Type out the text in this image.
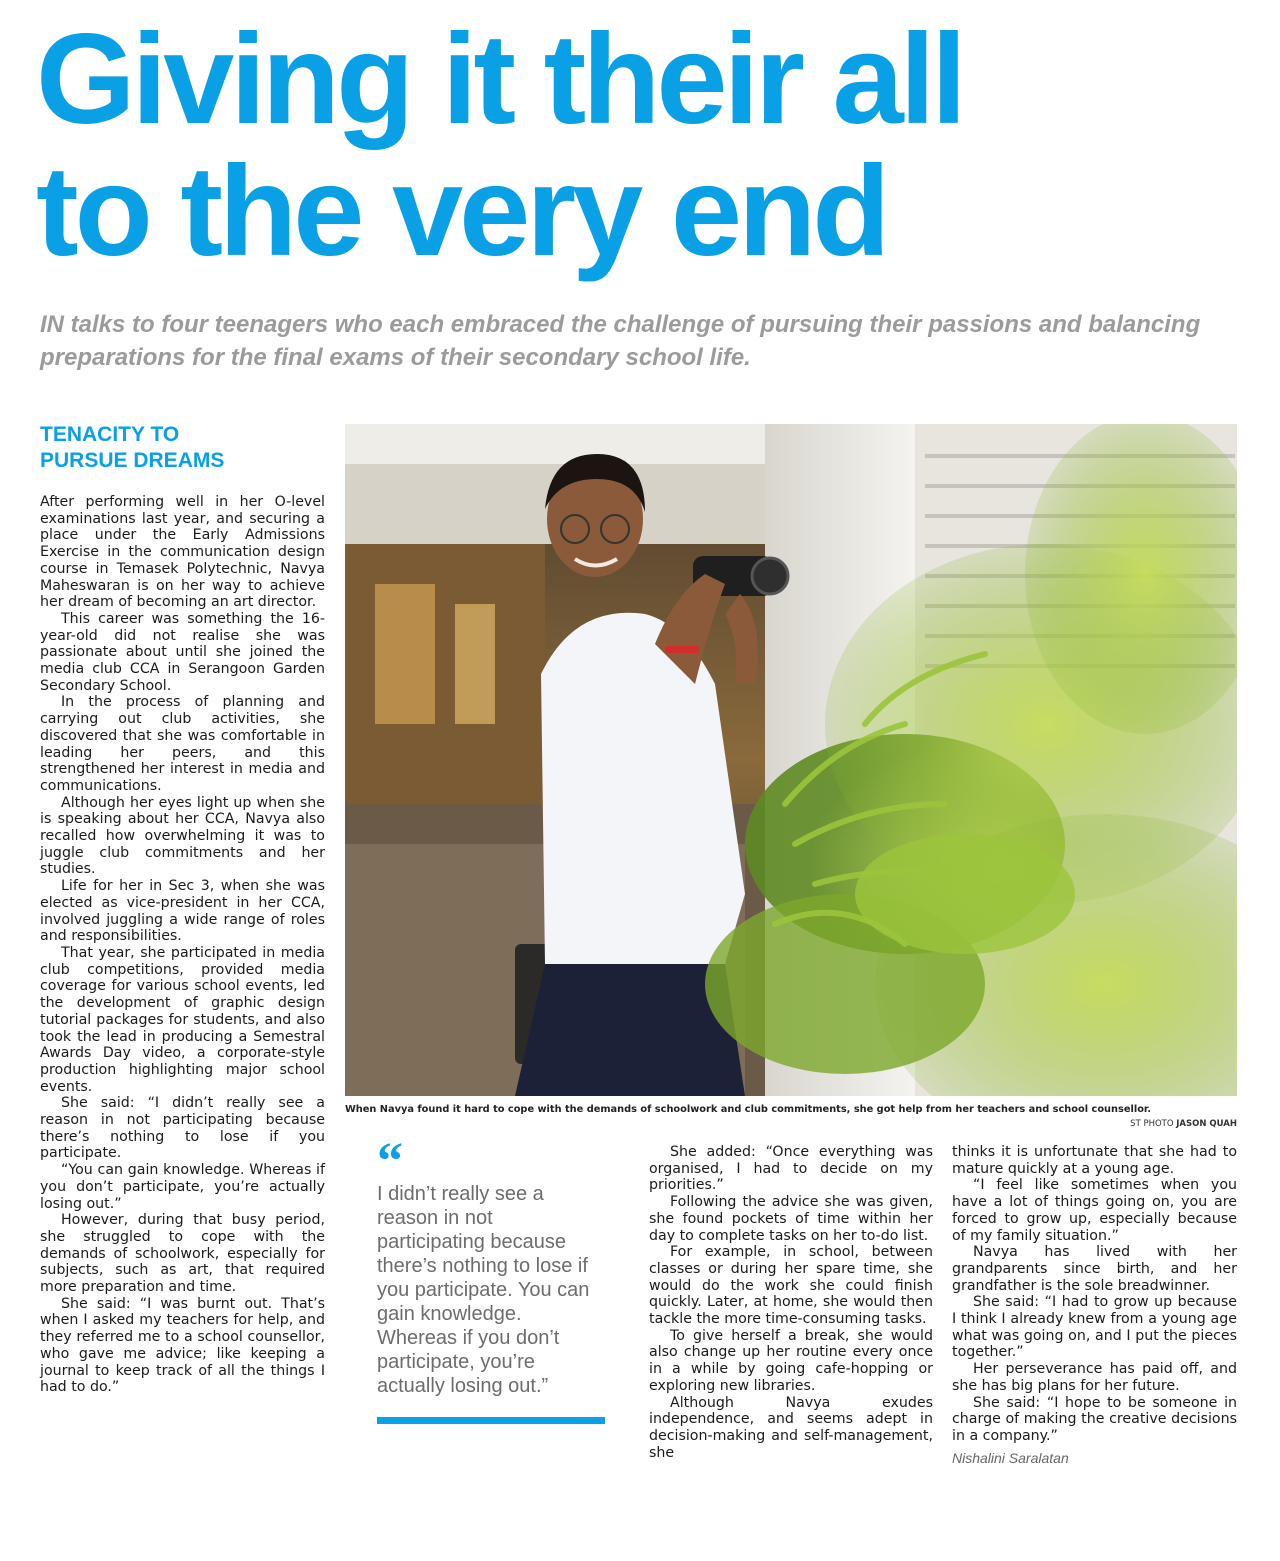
Giving it their all
to the very end
IN talks to four teenagers who each embraced the challenge of pursuing their passions and balancing preparations for the final exams of their secondary school life.
TENACITY TO
PURSUE DREAMS

After performing well in her O-level examinations last year, and securing a place under the Early Admissions Exercise in the communication design course in Temasek Polytechnic, Navya Maheswaran is on her way to achieve her dream of becoming an art director.

This career was something the 16-year-old did not realise she was passionate about until she joined the media club CCA in Serangoon Garden Secondary School.

In the process of planning and carrying out club activities, she discovered that she was comfortable in leading her peers, and this strengthened her interest in media and communications.

Although her eyes light up when she is speaking about her CCA, Navya also recalled how overwhelming it was to juggle club commitments and her studies.

Life for her in Sec 3, when she was elected as vice-president in her CCA, involved juggling a wide range of roles and responsibilities.

That year, she participated in media club competitions, provided media coverage for various school events, led the development of graphic design tutorial packages for students, and also took the lead in producing a Semestral Awards Day video, a corporate-style production highlighting major school events.

She said: “I didn’t really see a reason in not participating because there’s nothing to lose if you participate.

“You can gain knowledge. Whereas if you don’t participate, you’re actually losing out.”

However, during that busy period, she struggled to cope with the demands of schoolwork, especially for subjects, such as art, that required more preparation and time.

She said: “I was burnt out. That’s when I asked my teachers for help, and they referred me to a school counsellor, who gave me advice; like keeping a journal to keep track of all the things I had to do.”

When Navya found it hard to cope with the demands of schoolwork and club commitments, she got help from her teachers and school counsellor.
ST PHOTO JASON QUAH
“
I didn’t really see a reason in not participating because there’s nothing to lose if you participate. You can gain knowledge. Whereas if you don’t participate, you’re actually losing out.”

She added: “Once everything was organised, I had to decide on my priorities.”

Following the advice she was given, she found pockets of time within her day to complete tasks on her to-do list.

For example, in school, between classes or during her spare time, she would do the work she could finish quickly. Later, at home, she would then tackle the more time-consuming tasks.

To give herself a break, she would also change up her routine every once in a while by going cafe-hopping or exploring new libraries.

Although Navya exudes independence, and seems adept in decision-making and self-management, she

thinks it is unfortunate that she had to mature quickly at a young age.

“I feel like sometimes when you have a lot of things going on, you are forced to grow up, especially because of my family situation.”

Navya has lived with her grandparents since birth, and her grandfather is the sole breadwinner.

She said: “I had to grow up because I think I already knew from a young age what was going on, and I put the pieces together.”

Her perseverance has paid off, and she has big plans for her future.

She said: “I hope to be someone in charge of making the creative decisions in a company.”

Nishalini Saralatan
